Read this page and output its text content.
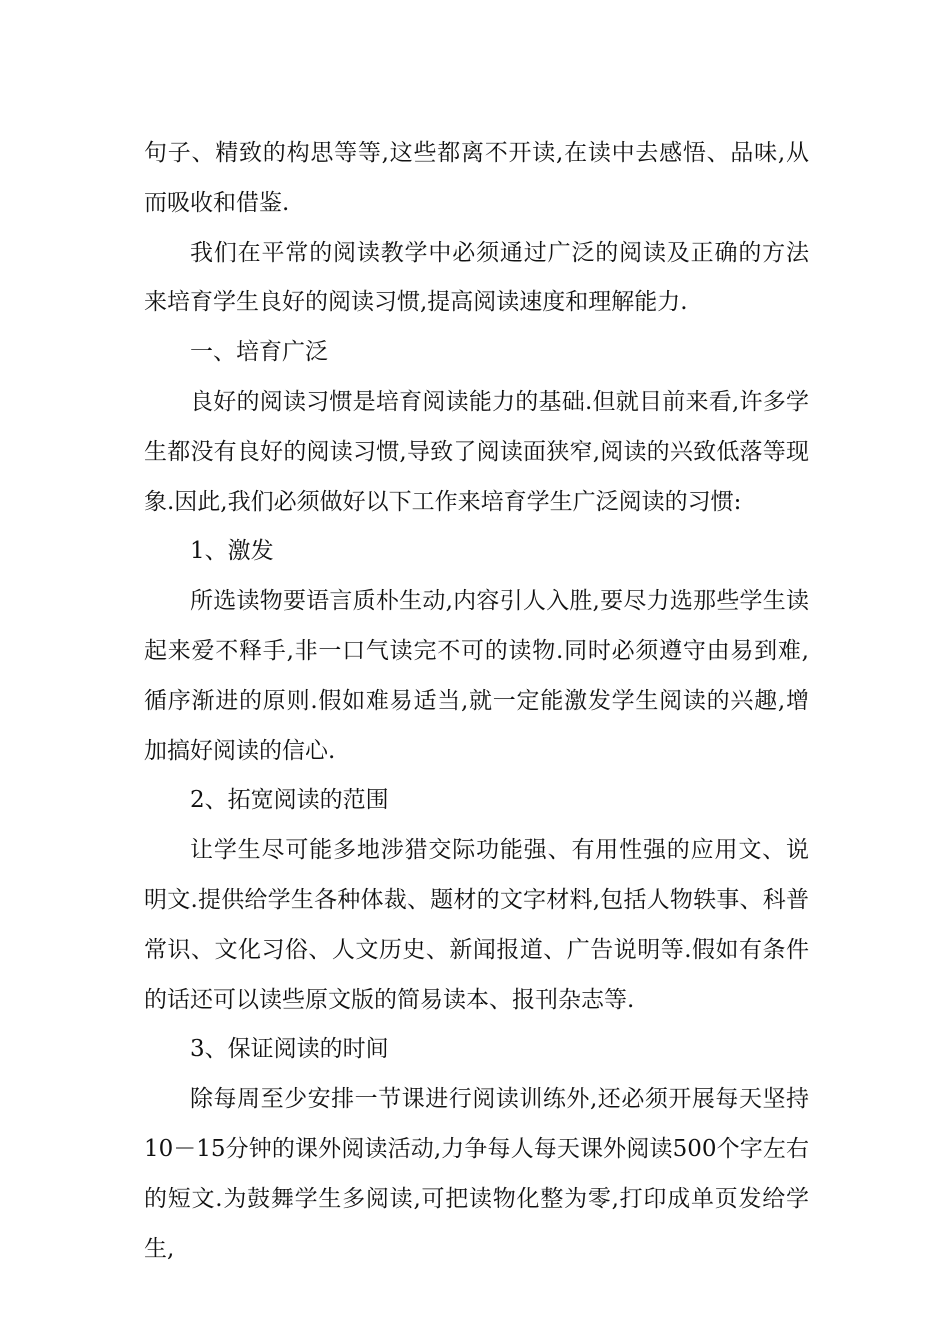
句子、精致的构思等等,这些都离不开读,在读中去感悟、品味,从而吸收和借鉴.

我们在平常的阅读教学中必须通过广泛的阅读及正确的方法来培育学生良好的阅读习惯,提高阅读速度和理解能力.

一、培育广泛

良好的阅读习惯是培育阅读能力的基础.但就目前来看,许多学生都没有良好的阅读习惯,导致了阅读面狭窄,阅读的兴致低落等现象.因此,我们必须做好以下工作来培育学生广泛阅读的习惯:

1、激发

所选读物要语言质朴生动,内容引人入胜,要尽力选那些学生读起来爱不释手,非一口气读完不可的读物.同时必须遵守由易到难,循序渐进的原则.假如难易适当,就一定能激发学生阅读的兴趣,增加搞好阅读的信心.

2、拓宽阅读的范围

让学生尽可能多地涉猎交际功能强、有用性强的应用文、说明文.提供给学生各种体裁、题材的文字材料,包括人物轶事、科普常识、文化习俗、人文历史、新闻报道、广告说明等.假如有条件的话还可以读些原文版的简易读本、报刊杂志等.

3、保证阅读的时间

除每周至少安排一节课进行阅读训练外,还必须开展每天坚持10－15分钟的课外阅读活动,力争每人每天课外阅读500个字左右的短文.为鼓舞学生多阅读,可把读物化整为零,打印成单页发给学生,
